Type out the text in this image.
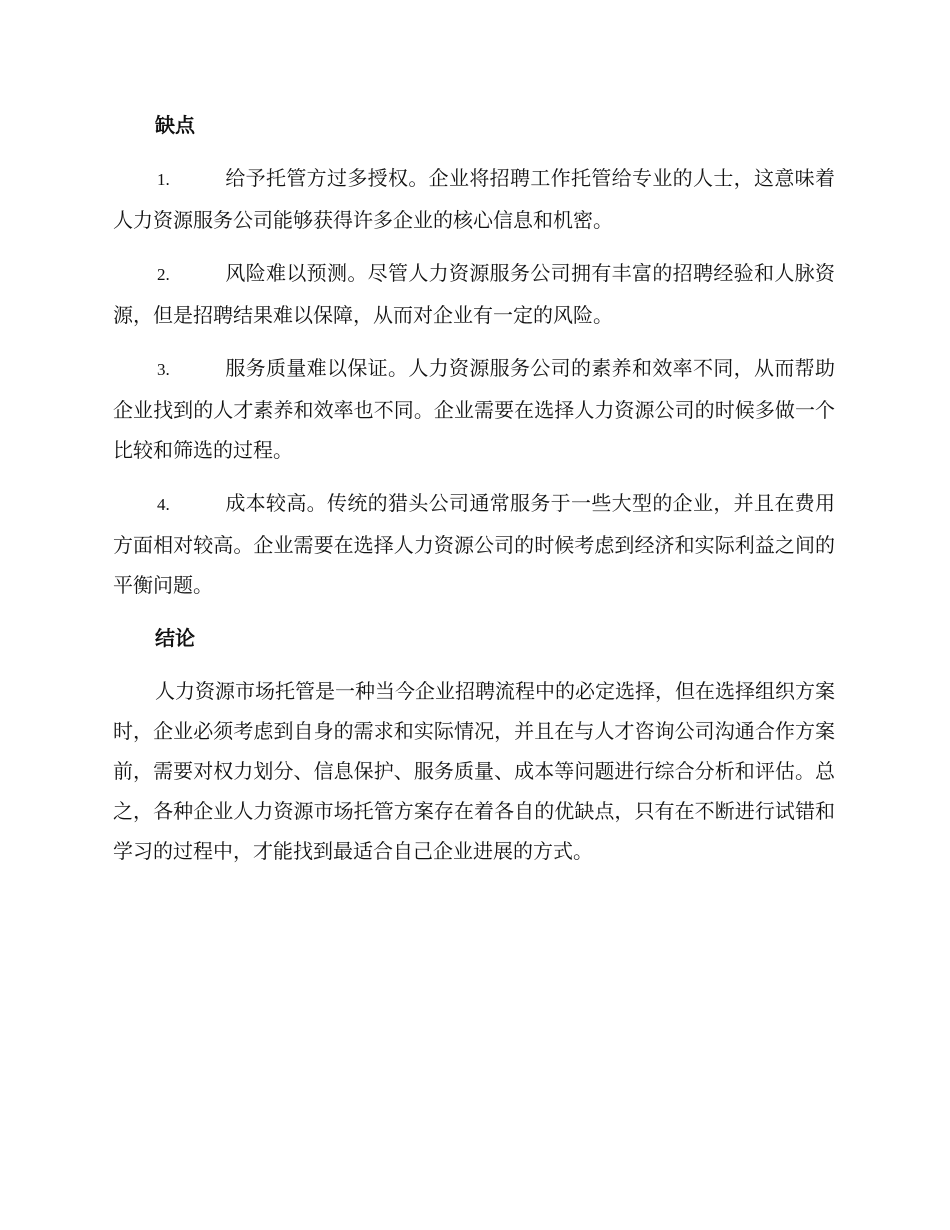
缺点
1.	给予托管方过多授权。企业将招聘工作托管给专业的人士，这意味着人力资源服务公司能够获得许多企业的核心信息和机密。
2.	风险难以预测。尽管人力资源服务公司拥有丰富的招聘经验和人脉资源，但是招聘结果难以保障，从而对企业有一定的风险。
3.	服务质量难以保证。人力资源服务公司的素养和效率不同，从而帮助企业找到的人才素养和效率也不同。企业需要在选择人力资源公司的时候多做一个比较和筛选的过程。
4.	成本较高。传统的猎头公司通常服务于一些大型的企业，并且在费用方面相对较高。企业需要在选择人力资源公司的时候考虑到经济和实际利益之间的平衡问题。
结论
人力资源市场托管是一种当今企业招聘流程中的必定选择，但在选择组织方案时，企业必须考虑到自身的需求和实际情况，并且在与人才咨询公司沟通合作方案前，需要对权力划分、信息保护、服务质量、成本等问题进行综合分析和评估。总之，各种企业人力资源市场托管方案存在着各自的优缺点，只有在不断进行试错和学习的过程中，才能找到最适合自己企业进展的方式。
